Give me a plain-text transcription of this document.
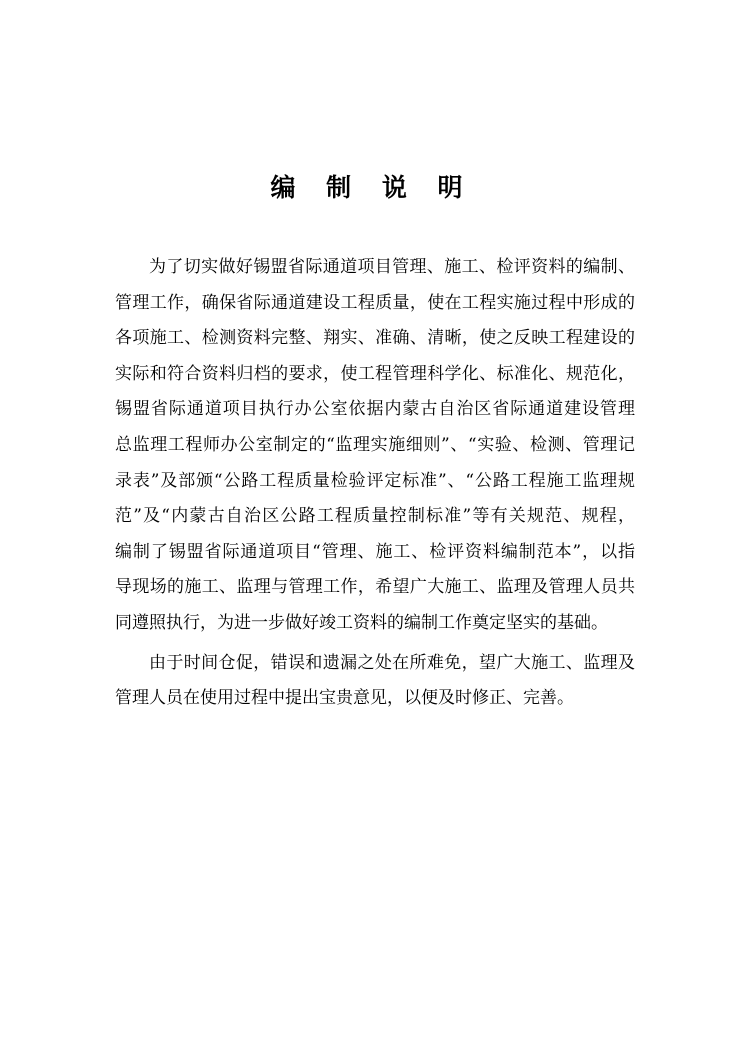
编 制 说 明
为了切实做好锡盟省际通道项目管理、施工、检评资料的编制、
管理工作，确保省际通道建设工程质量，使在工程实施过程中形成的
各项施工、检测资料完整、翔实、准确、清晰，使之反映工程建设的
实际和符合资料归档的要求，使工程管理科学化、标准化、规范化，
锡盟省际通道项目执行办公室依据内蒙古自治区省际通道建设管理
总监理工程师办公室制定的“监理实施细则”、“实验、检测、管理记
录表”及部颁“公路工程质量检验评定标准”、“公路工程施工监理规
范”及“内蒙古自治区公路工程质量控制标准”等有关规范、规程，
编制了锡盟省际通道项目“管理、施工、检评资料编制范本”，以指
导现场的施工、监理与管理工作，希望广大施工、监理及管理人员共
同遵照执行，为进一步做好竣工资料的编制工作奠定坚实的基础。
由于时间仓促，错误和遗漏之处在所难免，望广大施工、监理及
管理人员在使用过程中提出宝贵意见，以便及时修正、完善。
